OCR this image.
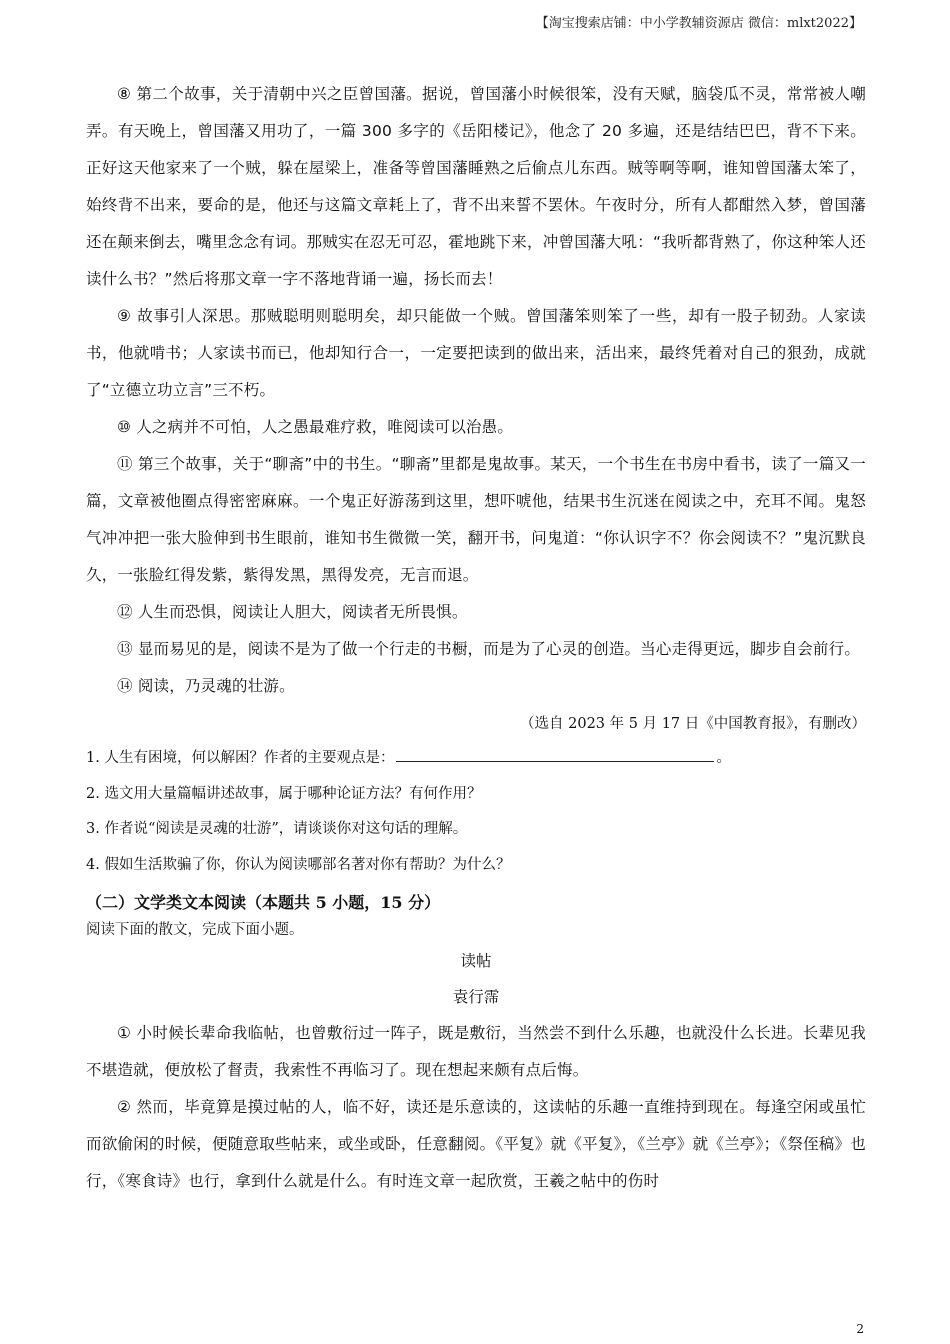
【淘宝搜索店铺：中小学教辅资源店 微信：mlxt2022】

⑧ 第二个故事，关于清朝中兴之臣曾国藩。据说，曾国藩小时候很笨，没有天赋，脑袋瓜不灵，常常被人嘲弄。有天晚上，曾国藩又用功了，一篇 300 多字的《岳阳楼记》，他念了 20 多遍，还是结结巴巴，背不下来。正好这天他家来了一个贼，躲在屋梁上，准备等曾国藩睡熟之后偷点儿东西。贼等啊等啊，谁知曾国藩太笨了，始终背不出来，要命的是，他还与这篇文章耗上了，背不出来誓不罢休。午夜时分，所有人都酣然入梦，曾国藩还在颠来倒去，嘴里念念有词。那贼实在忍无可忍，霍地跳下来，冲曾国藩大吼：“我听都背熟了，你这种笨人还读什么书？”然后将那文章一字不落地背诵一遍，扬长而去！

⑨ 故事引人深思。那贼聪明则聪明矣，却只能做一个贼。曾国藩笨则笨了一些，却有一股子韧劲。人家读书，他就啃书；人家读书而已，他却知行合一，一定要把读到的做出来，活出来，最终凭着对自己的狠劲，成就了“立德立功立言”三不朽。

⑩ 人之病并不可怕，人之愚最难疗救，唯阅读可以治愚。

⑪ 第三个故事，关于“聊斋”中的书生。“聊斋”里都是鬼故事。某天，一个书生在书房中看书，读了一篇又一篇，文章被他圈点得密密麻麻。一个鬼正好游荡到这里，想吓唬他，结果书生沉迷在阅读之中，充耳不闻。鬼怒气冲冲把一张大脸伸到书生眼前，谁知书生微微一笑，翻开书，问鬼道：“你认识字不？你会阅读不？”鬼沉默良久，一张脸红得发紫，紫得发黑，黑得发亮，无言而退。

⑫ 人生而恐惧，阅读让人胆大，阅读者无所畏惧。

⑬ 显而易见的是，阅读不是为了做一个行走的书橱，而是为了心灵的创造。当心走得更远，脚步自会前行。

⑭ 阅读，乃灵魂的壮游。

（选自 2023 年 5 月 17 日《中国教育报》，有删改）

1. 人生有困境，何以解困？作者的主要观点是：	。

2. 选文用大量篇幅讲述故事，属于哪种论证方法？有何作用？

3. 作者说“阅读是灵魂的壮游”，请谈谈你对这句话的理解。

4. 假如生活欺骗了你，你认为阅读哪部名著对你有帮助？为什么？

（二）文学类文本阅读（本题共 5 小题，15 分）

阅读下面的散文，完成下面小题。

读帖

袁行霈

① 小时候长辈命我临帖，也曾敷衍过一阵子，既是敷衍，当然尝不到什么乐趣，也就没什么长进。长辈见我不堪造就，便放松了督责，我索性不再临习了。现在想起来颇有点后悔。

② 然而，毕竟算是摸过帖的人，临不好，读还是乐意读的，这读帖的乐趣一直维持到现在。每逢空闲或虽忙而欲偷闲的时候，便随意取些帖来，或坐或卧，任意翻阅。《平复》就《平复》，《兰亭》就《兰亭》；《祭侄稿》也行，《寒食诗》也行，拿到什么就是什么。有时连文章一起欣赏，王羲之帖中的伤时

2
